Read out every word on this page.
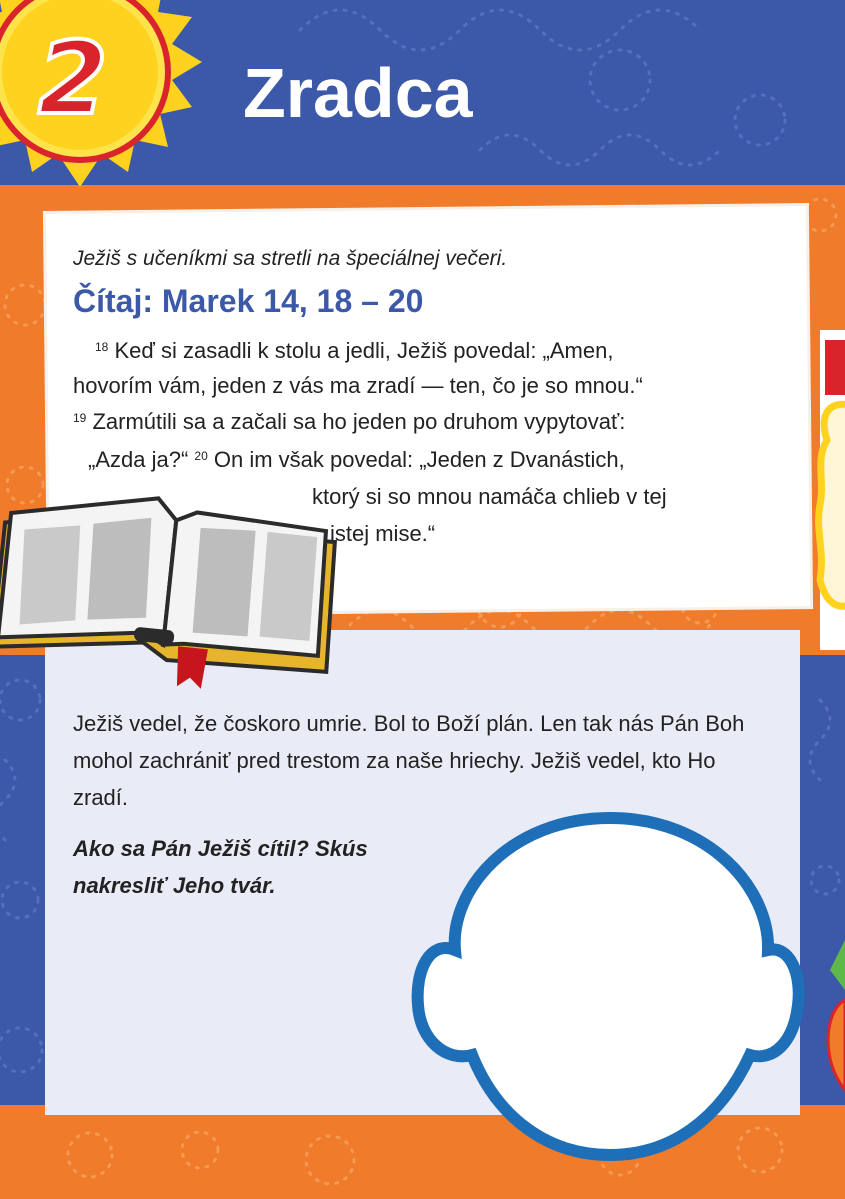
2 Zradca
Ježiš s učeníkmi sa stretli na špeciálnej večeri.
Čítaj: Marek 14, 18 – 20
$^{18}$ Keď si zasadli k stolu a jedli, Ježiš povedal: „Amen,
hovorím vám, jeden z vás ma zradí — ten, čo je so mnou.“
$^{19}$ Zarmútili sa a začali sa ho jeden po druhom vypytovať:
„Azda ja?“ $^{20}$ On im však povedal: „Jeden z Dvanástich,
ktorý si so mnou namáča chlieb v tej
istej mise.“
Ježiš vedel, že čoskoro umrie. Bol to Boží plán. Len tak nás Pán Boh mohol zachrániť pred trestom za naše hriechy. Ježiš vedel, kto Ho zradí.
Ako sa Pán Ježiš cítil? Skús nakresliť Jeho tvár.
